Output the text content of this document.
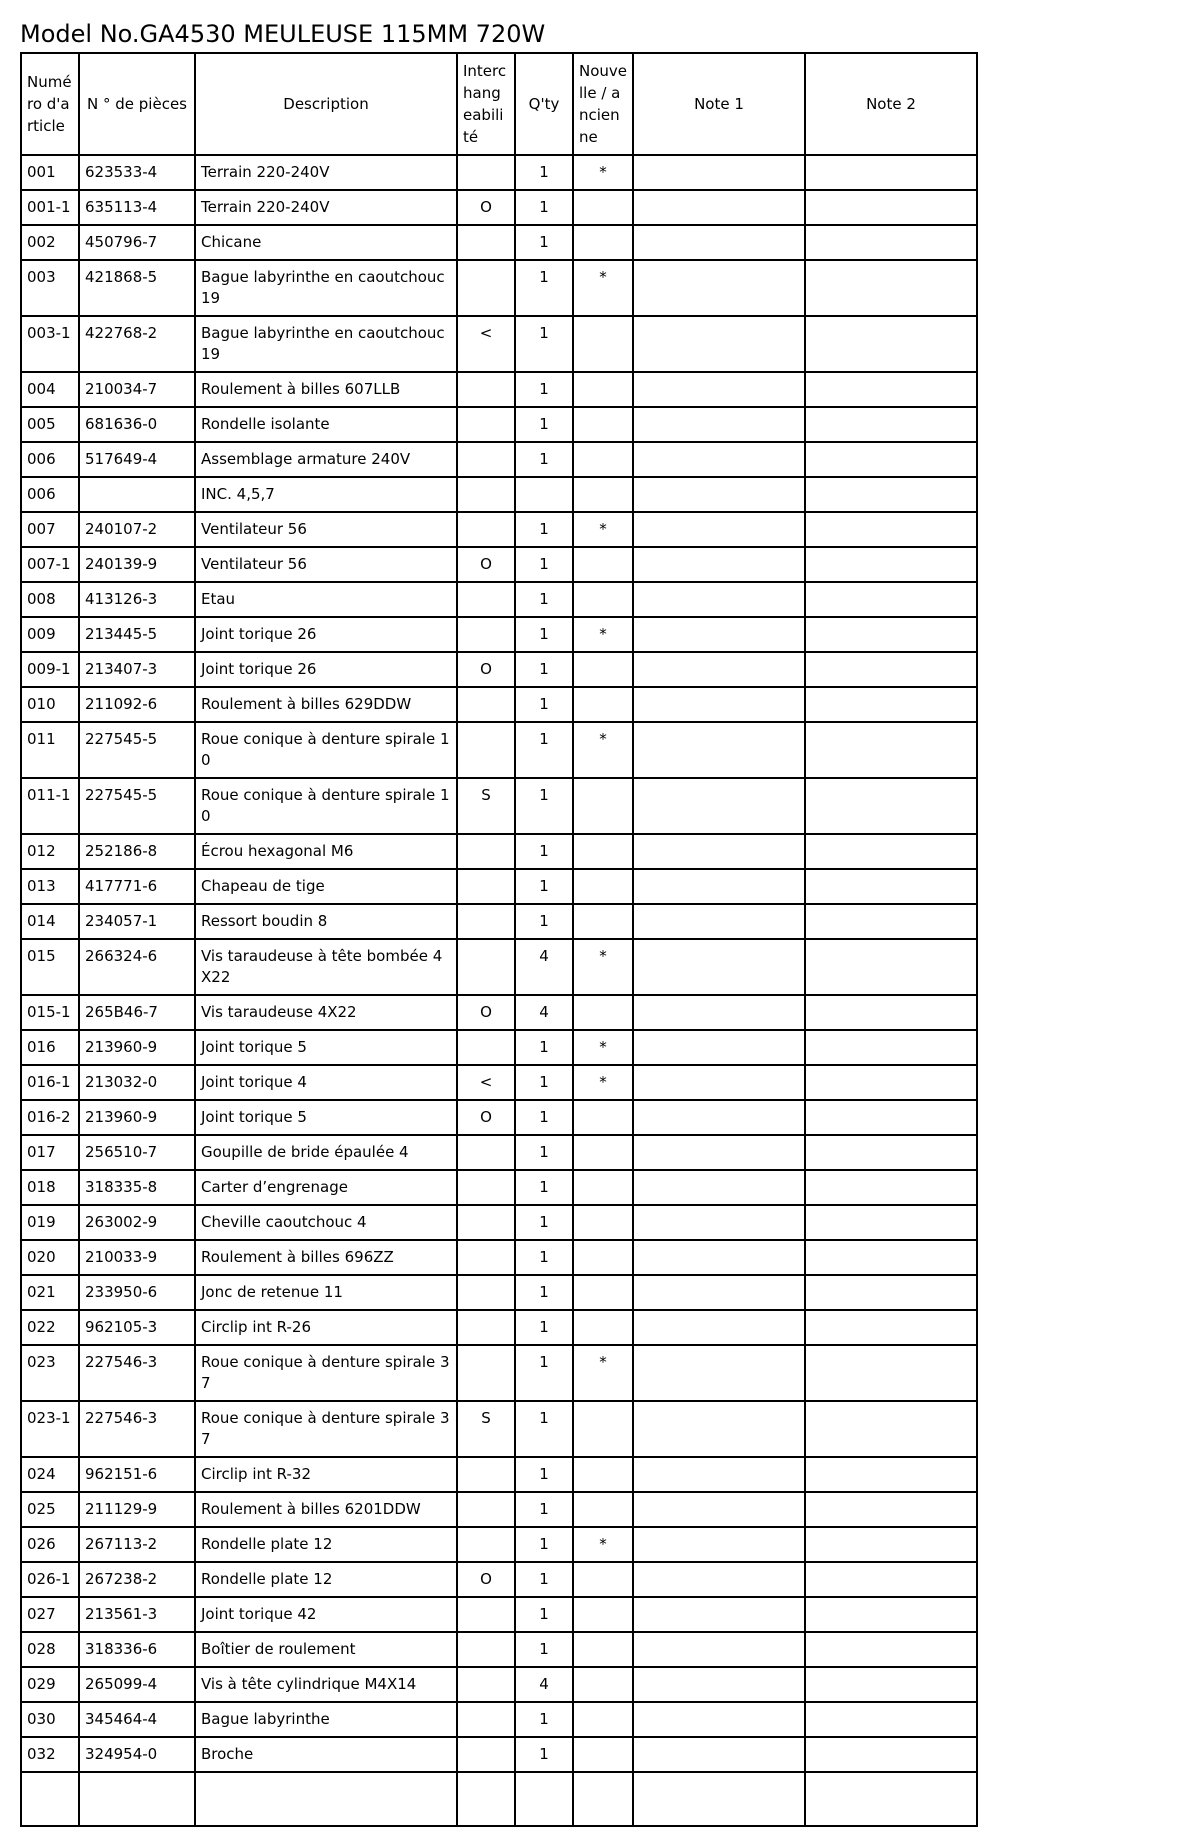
Model No.GA4530 MEULEUSE 115MM 720W
Numéro d'article	N ° de pièces	Description	Interchangeabilité	Q'ty	Nouvelle / ancienne	Note 1	Note 2
001	623533-4	Terrain 220-240V		1	*		
001-1	635113-4	Terrain 220-240V	O	1			
002	450796-7	Chicane		1			
003	421868-5	Bague labyrinthe en caoutchouc 19		1	*		
003-1	422768-2	Bague labyrinthe en caoutchouc 19	<	1			
004	210034-7	Roulement à billes 607LLB		1			
005	681636-0	Rondelle isolante		1			
006	517649-4	Assemblage armature 240V		1			
006		INC. 4,5,7					
007	240107-2	Ventilateur 56		1	*		
007-1	240139-9	Ventilateur 56	O	1			
008	413126-3	Etau		1			
009	213445-5	Joint torique 26		1	*		
009-1	213407-3	Joint torique 26	O	1			
010	211092-6	Roulement à billes 629DDW		1			
011	227545-5	Roue conique à denture spirale 10		1	*		
011-1	227545-5	Roue conique à denture spirale 10	S	1			
012	252186-8	Écrou hexagonal M6		1			
013	417771-6	Chapeau de tige		1			
014	234057-1	Ressort boudin 8		1			
015	266324-6	Vis taraudeuse à tête bombée 4X22		4	*		
015-1	265B46-7	Vis taraudeuse 4X22	O	4			
016	213960-9	Joint torique 5		1	*		
016-1	213032-0	Joint torique 4	<	1	*		
016-2	213960-9	Joint torique 5	O	1			
017	256510-7	Goupille de bride épaulée 4		1			
018	318335-8	Carter d’engrenage		1			
019	263002-9	Cheville caoutchouc 4		1			
020	210033-9	Roulement à billes 696ZZ		1			
021	233950-6	Jonc de retenue 11		1			
022	962105-3	Circlip int R-26		1			
023	227546-3	Roue conique à denture spirale 37		1	*		
023-1	227546-3	Roue conique à denture spirale 37	S	1			
024	962151-6	Circlip int R-32		1			
025	211129-9	Roulement à billes 6201DDW		1			
026	267113-2	Rondelle plate 12		1	*		
026-1	267238-2	Rondelle plate 12	O	1			
027	213561-3	Joint torique 42		1			
028	318336-6	Boîtier de roulement		1			
029	265099-4	Vis à tête cylindrique M4X14		4			
030	345464-4	Bague labyrinthe		1			
032	324954-0	Broche		1			
